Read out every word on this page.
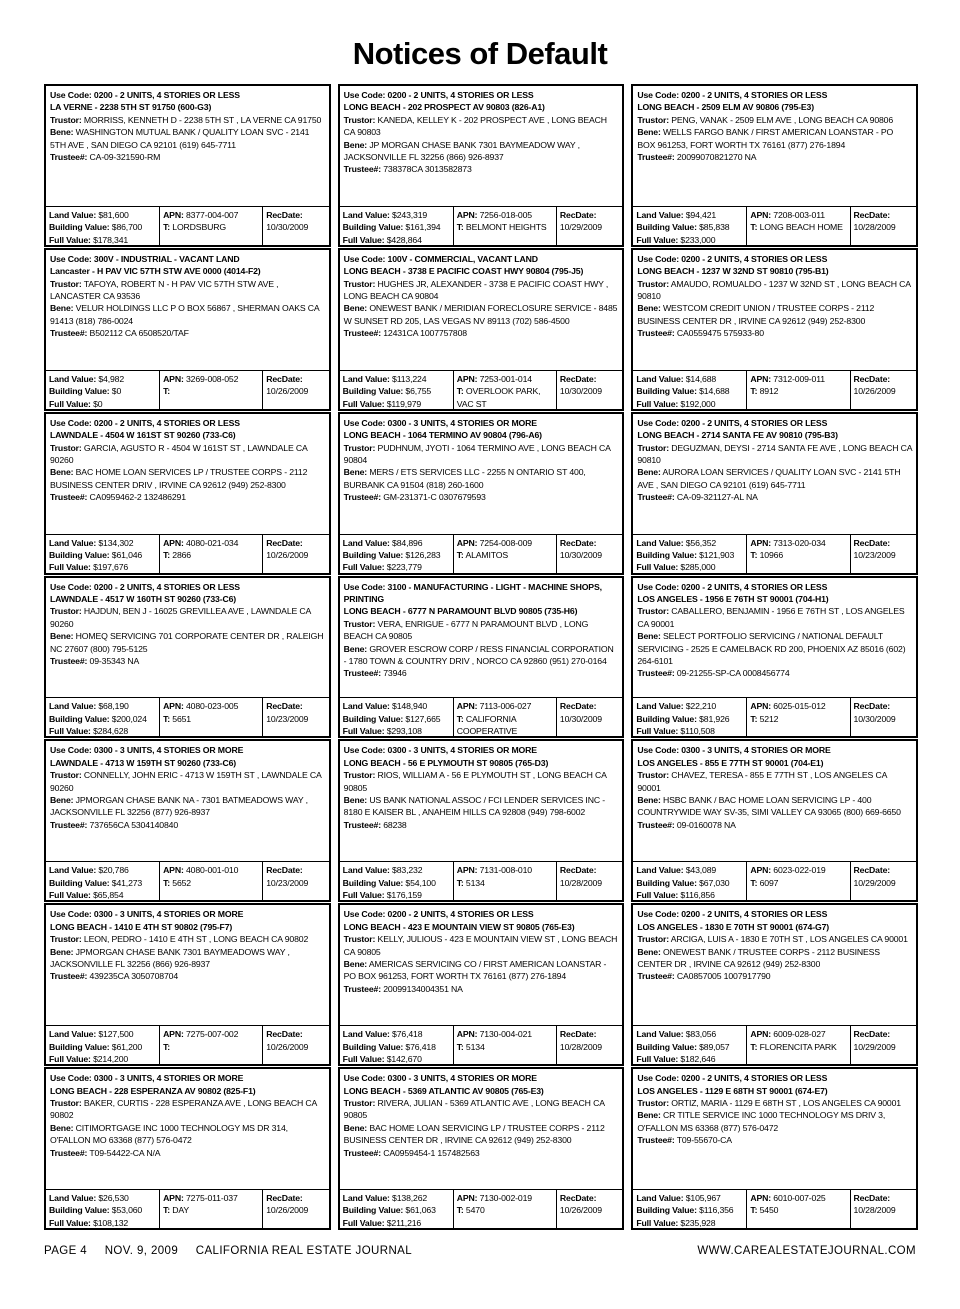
Notices of Default
Use Code: 0200 - 2 UNITS, 4 STORIES OR LESS
LA VERNE - 2238 5TH ST 91750 (600-G3)
Trustor: MORRISS, KENNETH D - 2238 5TH ST , LA VERNE CA 91750
Bene: WASHINGTON MUTUAL BANK / QUALITY LOAN SVC - 2141 5TH AVE , SAN DIEGO CA 92101 (619) 645-7711
Trustee#: CA-09-321590-RM
Land Value: $81,600
Building Value: $86,700
Full Value: $178,341
APN: 8377-004-007
T: LORDSBURG
RecDate:
10/30/2009
Use Code: 0200 - 2 UNITS, 4 STORIES OR LESS
LONG BEACH - 202 PROSPECT AV 90803 (826-A1)
Trustor: KANEDA, KELLEY K - 202 PROSPECT AVE , LONG BEACH CA 90803
Bene: JP MORGAN CHASE BANK 7301 BAYMEADOW WAY , JACKSONVILLE FL 32256 (866) 926-8937
Trustee#: 738378CA 3013582873
Land Value: $243,319
Building Value: $161,394
Full Value: $428,864
APN: 7256-018-005
T: BELMONT HEIGHTS
RecDate:
10/29/2009
Use Code: 0200 - 2 UNITS, 4 STORIES OR LESS
LONG BEACH - 2509 ELM AV 90806 (795-E3)
Trustor: PENG, VANAK - 2509 ELM AVE , LONG BEACH CA 90806
Bene: WELLS FARGO BANK / FIRST AMERICAN LOANSTAR - PO BOX 961253, FORT WORTH TX 76161 (877) 276-1894
Trustee#: 20099070821270 NA
Land Value: $94,421
Building Value: $85,838
Full Value: $233,000
APN: 7208-003-011
T: LONG BEACH HOME
RecDate:
10/28/2009
Use Code: 300V - INDUSTRIAL - VACANT LAND
Lancaster - H PAV VIC 57TH STW AVE 0000 (4014-F2)
Trustor: TAFOYA, ROBERT N - H PAV VIC 57TH STW AVE , LANCASTER CA 93536
Bene: VELUR HOLDINGS LLC P O BOX 56867 , SHERMAN OAKS CA 91413 (818) 786-0024
Trustee#: B502112 CA 6508520/TAF
Land Value: $4,982
Building Value: $0
Full Value: $0
APN: 3269-008-052
T:
RecDate:
10/26/2009
Use Code: 100V - COMMERCIAL, VACANT LAND
LONG BEACH - 3738 E PACIFIC COAST HWY 90804 (795-J5)
Trustor: HUGHES JR, ALEXANDER - 3738 E PACIFIC COAST HWY , LONG BEACH CA 90804
Bene: ONEWEST BANK / MERIDIAN FORECLOSURE SERVICE - 8485 W SUNSET RD 205, LAS VEGAS NV 89113 (702) 586-4500
Trustee#: 12431CA 1007757808
Land Value: $113,224
Building Value: $6,755
Full Value: $119,979
APN: 7253-001-014
T: OVERLOOK PARK, VAC ST
RecDate:
10/30/2009
Use Code: 0200 - 2 UNITS, 4 STORIES OR LESS
LONG BEACH - 1237 W 32ND ST 90810 (795-B1)
Trustor: AMAUDO, ROMUALDO - 1237 W 32ND ST , LONG BEACH CA 90810
Bene: WESTCOM CREDIT UNION / TRUSTEE CORPS - 2112 BUSINESS CENTER DR , IRVINE CA 92612 (949) 252-8300
Trustee#: CA0559475 575933-80
Land Value: $14,688
Building Value: $14,688
Full Value: $192,000
APN: 7312-009-011
T: 8912
RecDate:
10/26/2009
Use Code: 0200 - 2 UNITS, 4 STORIES OR LESS
LAWNDALE - 4504 W 161ST ST 90260 (733-C6)
Trustor: GARCIA, AGUSTO R - 4504 W 161ST ST , LAWNDALE CA 90260
Bene: BAC HOME LOAN SERVICES LP / TRUSTEE CORPS - 2112 BUSINESS CENTER DRIV , IRVINE CA 92612 (949) 252-8300
Trustee#: CA0959462-2 132486291
Land Value: $134,302
Building Value: $61,046
Full Value: $197,676
APN: 4080-021-034
T: 2866
RecDate:
10/26/2009
Use Code: 0300 - 3 UNITS, 4 STORIES OR MORE
LONG BEACH - 1064 TERMINO AV 90804 (796-A6)
Trustor: PUDHNUM, JYOTI - 1064 TERMINO AVE , LONG BEACH CA 90804
Bene: MERS / ETS SERVICES LLC - 2255 N ONTARIO ST 400, BURBANK CA 91504 (818) 260-1600
Trustee#: GM-231371-C 0307679593
Land Value: $84,896
Building Value: $126,283
Full Value: $223,779
APN: 7254-008-009
T: ALAMITOS
RecDate:
10/30/2009
Use Code: 0200 - 2 UNITS, 4 STORIES OR LESS
LONG BEACH - 2714 SANTA FE AV 90810 (795-B3)
Trustor: DEGUZMAN, DEYSI - 2714 SANTA FE AVE , LONG BEACH CA 90810
Bene: AURORA LOAN SERVICES / QUALITY LOAN SVC - 2141 5TH AVE , SAN DIEGO CA 92101 (619) 645-7711
Trustee#: CA-09-321127-AL NA
Land Value: $56,352
Building Value: $121,903
Full Value: $285,000
APN: 7313-020-034
T: 10966
RecDate:
10/23/2009
Use Code: 0200 - 2 UNITS, 4 STORIES OR LESS
LAWNDALE - 4517 W 160TH ST 90260 (733-C6)
Trustor: HAJDUN, BEN J - 16025 GREVILLEA AVE , LAWNDALE CA 90260
Bene: HOMEQ SERVICING 701 CORPORATE CENTER DR , RALEIGH NC 27607 (800) 795-5125
Trustee#: 09-35343 NA
Land Value: $68,190
Building Value: $200,024
Full Value: $284,628
APN: 4080-023-005
T: 5651
RecDate:
10/23/2009
Use Code: 3100 - MANUFACTURING - LIGHT - MACHINE SHOPS, PRINTING
LONG BEACH - 6777 N PARAMOUNT BLVD 90805 (735-H6)
Trustor: VERA, ENRIGUE - 6777 N PARAMOUNT BLVD , LONG BEACH CA 90805
Bene: GROVER ESCROW CORP / RESS FINANCIAL CORPORATION - 1780 TOWN & COUNTRY DRIV , NORCO CA 92860 (951) 270-0164
Trustee#: 73946
Land Value: $148,940
Building Value: $127,665
Full Value: $293,108
APN: 7113-006-027
T: CALIFORNIA COOPERATIVE
RecDate:
10/30/2009
Use Code: 0200 - 2 UNITS, 4 STORIES OR LESS
LOS ANGELES - 1956 E 76TH ST 90001 (704-H1)
Trustor: CABALLERO, BENJAMIN - 1956 E 76TH ST , LOS ANGELES CA 90001
Bene: SELECT PORTFOLIO SERVICING / NATIONAL DEFAULT SERVICING - 2525 E CAMELBACK RD 200, PHOENIX AZ 85016 (602) 264-6101
Trustee#: 09-21255-SP-CA 0008456774
Land Value: $22,210
Building Value: $81,926
Full Value: $110,508
APN: 6025-015-012
T: 5212
RecDate:
10/30/2009
Use Code: 0300 - 3 UNITS, 4 STORIES OR MORE
LAWNDALE - 4713 W 159TH ST 90260 (733-C6)
Trustor: CONNELLY, JOHN ERIC - 4713 W 159TH ST , LAWNDALE CA 90260
Bene: JPMORGAN CHASE BANK NA - 7301 BATMEADOWS WAY , JACKSONVILLE FL 32256 (877) 926-8937
Trustee#: 737656CA 5304140840
Land Value: $20,786
Building Value: $41,273
Full Value: $65,854
APN: 4080-001-010
T: 5652
RecDate:
10/23/2009
Use Code: 0300 - 3 UNITS, 4 STORIES OR MORE
LONG BEACH - 56 E PLYMOUTH ST 90805 (765-D3)
Trustor: RIOS, WILLIAM A - 56 E PLYMOUTH ST , LONG BEACH CA 90805
Bene: US BANK NATIONAL ASSOC / FCI LENDER SERVICES INC - 8180 E KAISER BL , ANAHEIM HILLS CA 92808 (949) 798-6002
Trustee#: 68238
Land Value: $83,232
Building Value: $54,100
Full Value: $176,159
APN: 7131-008-010
T: 5134
RecDate:
10/28/2009
Use Code: 0300 - 3 UNITS, 4 STORIES OR MORE
LOS ANGELES - 855 E 77TH ST 90001 (704-E1)
Trustor: CHAVEZ, TERESA - 855 E 77TH ST , LOS ANGELES CA 90001
Bene: HSBC BANK / BAC HOME LOAN SERVICING LP - 400 COUNTRYWIDE WAY SV-35, SIMI VALLEY CA 93065 (800) 669-6650
Trustee#: 09-0160078 NA
Land Value: $43,089
Building Value: $67,030
Full Value: $116,856
APN: 6023-022-019
T: 6097
RecDate:
10/29/2009
Use Code: 0300 - 3 UNITS, 4 STORIES OR MORE
LONG BEACH - 1410 E 4TH ST 90802 (795-F7)
Trustor: LEON, PEDRO - 1410 E 4TH ST , LONG BEACH CA 90802
Bene: JPMORGAN CHASE BANK 7301 BAYMEADOWS WAY , JACKSONVILLE FL 32256 (866) 926-8937
Trustee#: 439235CA 3050708704
Land Value: $127,500
Building Value: $61,200
Full Value: $214,200
APN: 7275-007-002
T:
RecDate:
10/26/2009
Use Code: 0200 - 2 UNITS, 4 STORIES OR LESS
LONG BEACH - 423 E MOUNTAIN VIEW ST 90805 (765-E3)
Trustor: KELLY, JULIOUS - 423 E MOUNTAIN VIEW ST , LONG BEACH CA 90805
Bene: AMERICAS SERVICING CO / FIRST AMERICAN LOANSTAR - PO BOX 961253, FORT WORTH TX 76161 (877) 276-1894
Trustee#: 20099134004351 NA
Land Value: $76,418
Building Value: $76,418
Full Value: $142,670
APN: 7130-004-021
T: 5134
RecDate:
10/28/2009
Use Code: 0200 - 2 UNITS, 4 STORIES OR LESS
LOS ANGELES - 1830 E 70TH ST 90001 (674-G7)
Trustor: ARCIGA, LUIS A - 1830 E 70TH ST , LOS ANGELES CA 90001
Bene: ONEWEST BANK / TRUSTEE CORPS - 2112 BUSINESS CENTER DR , IRVINE CA 92612 (949) 252-8300
Trustee#: CA0857005 1007917790
Land Value: $83,056
Building Value: $89,057
Full Value: $182,646
APN: 6009-028-027
T: FLORENCITA PARK
RecDate:
10/29/2009
Use Code: 0300 - 3 UNITS, 4 STORIES OR MORE
LONG BEACH - 228 ESPERANZA AV 90802 (825-F1)
Trustor: BAKER, CURTIS - 228 ESPERANZA AVE , LONG BEACH CA 90802
Bene: CITIMORTGAGE INC 1000 TECHNOLOGY MS DR 314, O'FALLON MO 63368 (877) 576-0472
Trustee#: T09-54422-CA N/A
Land Value: $26,530
Building Value: $53,060
Full Value: $108,132
APN: 7275-011-037
T: DAY
RecDate:
10/26/2009
Use Code: 0300 - 3 UNITS, 4 STORIES OR MORE
LONG BEACH - 5369 ATLANTIC AV 90805 (765-E3)
Trustor: RIVERA, JULIAN - 5369 ATLANTIC AVE , LONG BEACH CA 90805
Bene: BAC HOME LOAN SERVICING LP / TRUSTEE CORPS - 2112 BUSINESS CENTER DR , IRVINE CA 92612 (949) 252-8300
Trustee#: CA0959454-1 157482563
Land Value: $138,262
Building Value: $61,063
Full Value: $211,216
APN: 7130-002-019
T: 5470
RecDate:
10/26/2009
Use Code: 0200 - 2 UNITS, 4 STORIES OR LESS
LOS ANGELES - 1129 E 68TH ST 90001 (674-E7)
Trustor: ORTIZ, MARIA - 1129 E 68TH ST , LOS ANGELES CA 90001
Bene: CR TITLE SERVICE INC 1000 TECHNOLOGY MS DRIV 3, O'FALLON MS 63368 (877) 576-0472
Trustee#: T09-55670-CA
Land Value: $105,967
Building Value: $116,356
Full Value: $235,928
APN: 6010-007-025
T: 5450
RecDate:
10/28/2009
PAGE 4 NOV. 9, 2009 CALIFORNIA REAL ESTATE JOURNAL	WWW.CAREALESTATEJOURNAL.COM
